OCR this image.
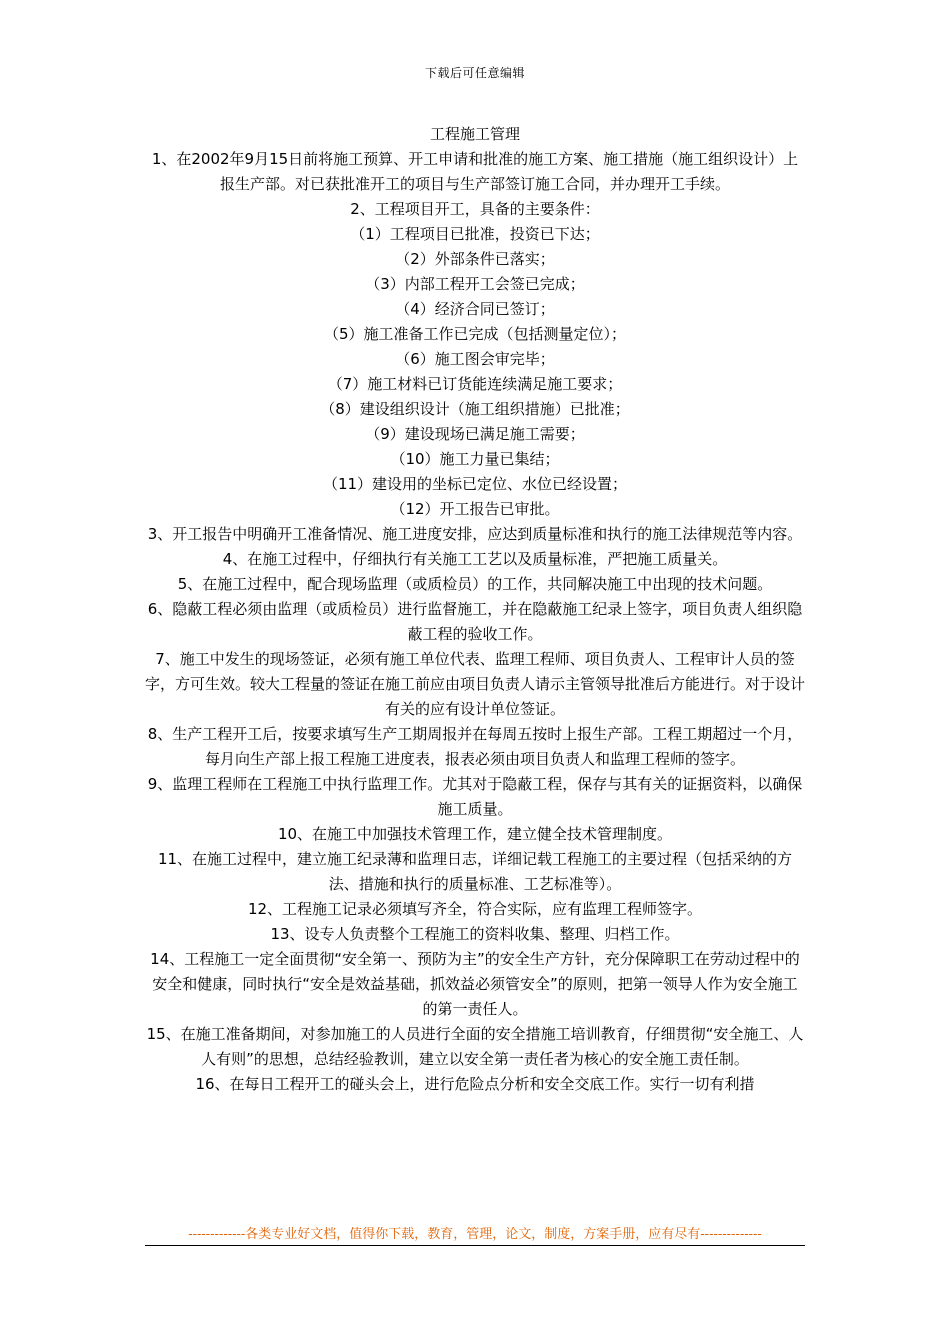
下载后可任意编辑
工程施工管理

1、在2002年9月15日前将施工预算、开工申请和批准的施工方案、施工措施（施工组织设计）上报生产部。对已获批准开工的项目与生产部签订施工合同，并办理开工手续。

2、工程项目开工，具备的主要条件：

（1）工程项目已批准，投资已下达；

（2）外部条件已落实；

（3）内部工程开工会签已完成；

（4）经济合同已签订；

（5）施工准备工作已完成（包括测量定位）；

（6）施工图会审完毕；

（7）施工材料已订货能连续满足施工要求；

（8）建设组织设计（施工组织措施）已批准；

（9）建设现场已满足施工需要；

（10）施工力量已集结；

（11）建设用的坐标已定位、水位已经设置；

（12）开工报告已审批。

3、开工报告中明确开工准备情况、施工进度安排，应达到质量标准和执行的施工法律规范等内容。

4、在施工过程中，仔细执行有关施工工艺以及质量标准，严把施工质量关。

5、在施工过程中，配合现场监理（或质检员）的工作，共同解决施工中出现的技术问题。

6、隐蔽工程必须由监理（或质检员）进行监督施工，并在隐蔽施工纪录上签字，项目负责人组织隐蔽工程的验收工作。

7、施工中发生的现场签证，必须有施工单位代表、监理工程师、项目负责人、工程审计人员的签字，方可生效。较大工程量的签证在施工前应由项目负责人请示主管领导批准后方能进行。对于设计有关的应有设计单位签证。

8、生产工程开工后，按要求填写生产工期周报并在每周五按时上报生产部。工程工期超过一个月，每月向生产部上报工程施工进度表，报表必须由项目负责人和监理工程师的签字。

9、监理工程师在工程施工中执行监理工作。尤其对于隐蔽工程，保存与其有关的证据资料，以确保施工质量。

10、在施工中加强技术管理工作，建立健全技术管理制度。

11、在施工过程中，建立施工纪录薄和监理日志，详细记载工程施工的主要过程（包括采纳的方法、措施和执行的质量标准、工艺标准等）。

12、工程施工记录必须填写齐全，符合实际，应有监理工程师签字。

13、设专人负责整个工程施工的资料收集、整理、归档工作。

14、工程施工一定全面贯彻“安全第一、预防为主”的安全生产方针，充分保障职工在劳动过程中的安全和健康，同时执行“安全是效益基础，抓效益必须管安全”的原则，把第一领导人作为安全施工的第一责任人。

15、在施工准备期间，对参加施工的人员进行全面的安全措施工培训教育，仔细贯彻“安全施工、人人有则”的思想，总结经验教训，建立以安全第一责任者为核心的安全施工责任制。

16、在每日工程开工的碰头会上，进行危险点分析和安全交底工作。实行一切有利措

-------------各类专业好文档，值得你下载，教育，管理，论文，制度，方案手册，应有尽有--------------
